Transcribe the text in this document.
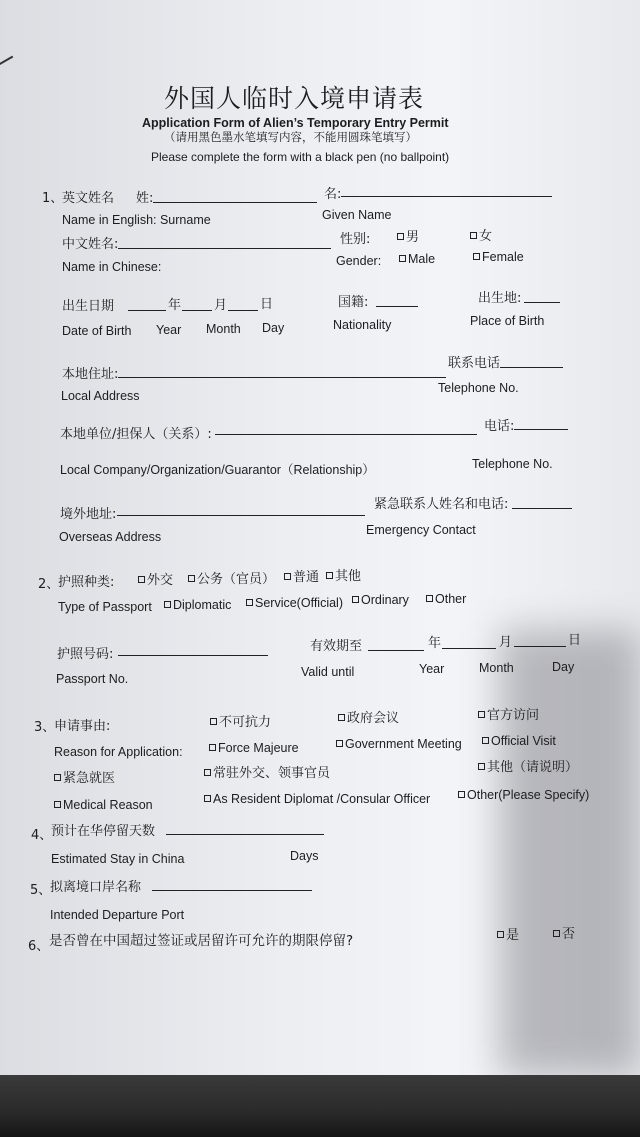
外国人临时入境申请表
Application Form of Alien’s Temporary Entry Permit
（请用黑色墨水笔填写内容，不能用圆珠笔填写）
Please complete the form with a black pen (no ballpoint)
1、
英文姓名 姓:	名:
Name in English: Surname	Given Name
中文姓名:	性别:	男	女
Name in Chinese:	Gender:	Male	Female
出生日期	年	月	日	国籍:	出生地:
Date of Birth Year Month Day	Nationality	Place of Birth
本地住址:
联系电话
Local Address
Telephone No.
本地单位/担保人（关系）:
电话:
Local Company/Organization/Guarantor（Relationship）	Telephone No.
境外地址:
紧急联系人姓名和电话:
Overseas Address	Emergency Contact
2、
护照种类:	外交	公务（官员）	普通	其他
Type of Passport	Diplomatic	Service(Official)	Ordinary	Other
护照号码:
有效期至	年	月	日
Passport No.	Valid until	Year	Month	Day
3、
申请事由:	不可抗力	政府会议	官方访问
Reason for Application:	Force Majeure	Government Meeting	Official Visit
紧急就医	常驻外交、领事官员	其他（请说明）
Medical Reason	As Resident Diplomat /Consular Officer	Other(Please Specify)
4、
预计在华停留天数
Estimated Stay in China	Days
5、
拟离境口岸名称
Intended Departure Port
6、 是否曾在中国超过签证或居留许可允许的期限停留?	是	否
